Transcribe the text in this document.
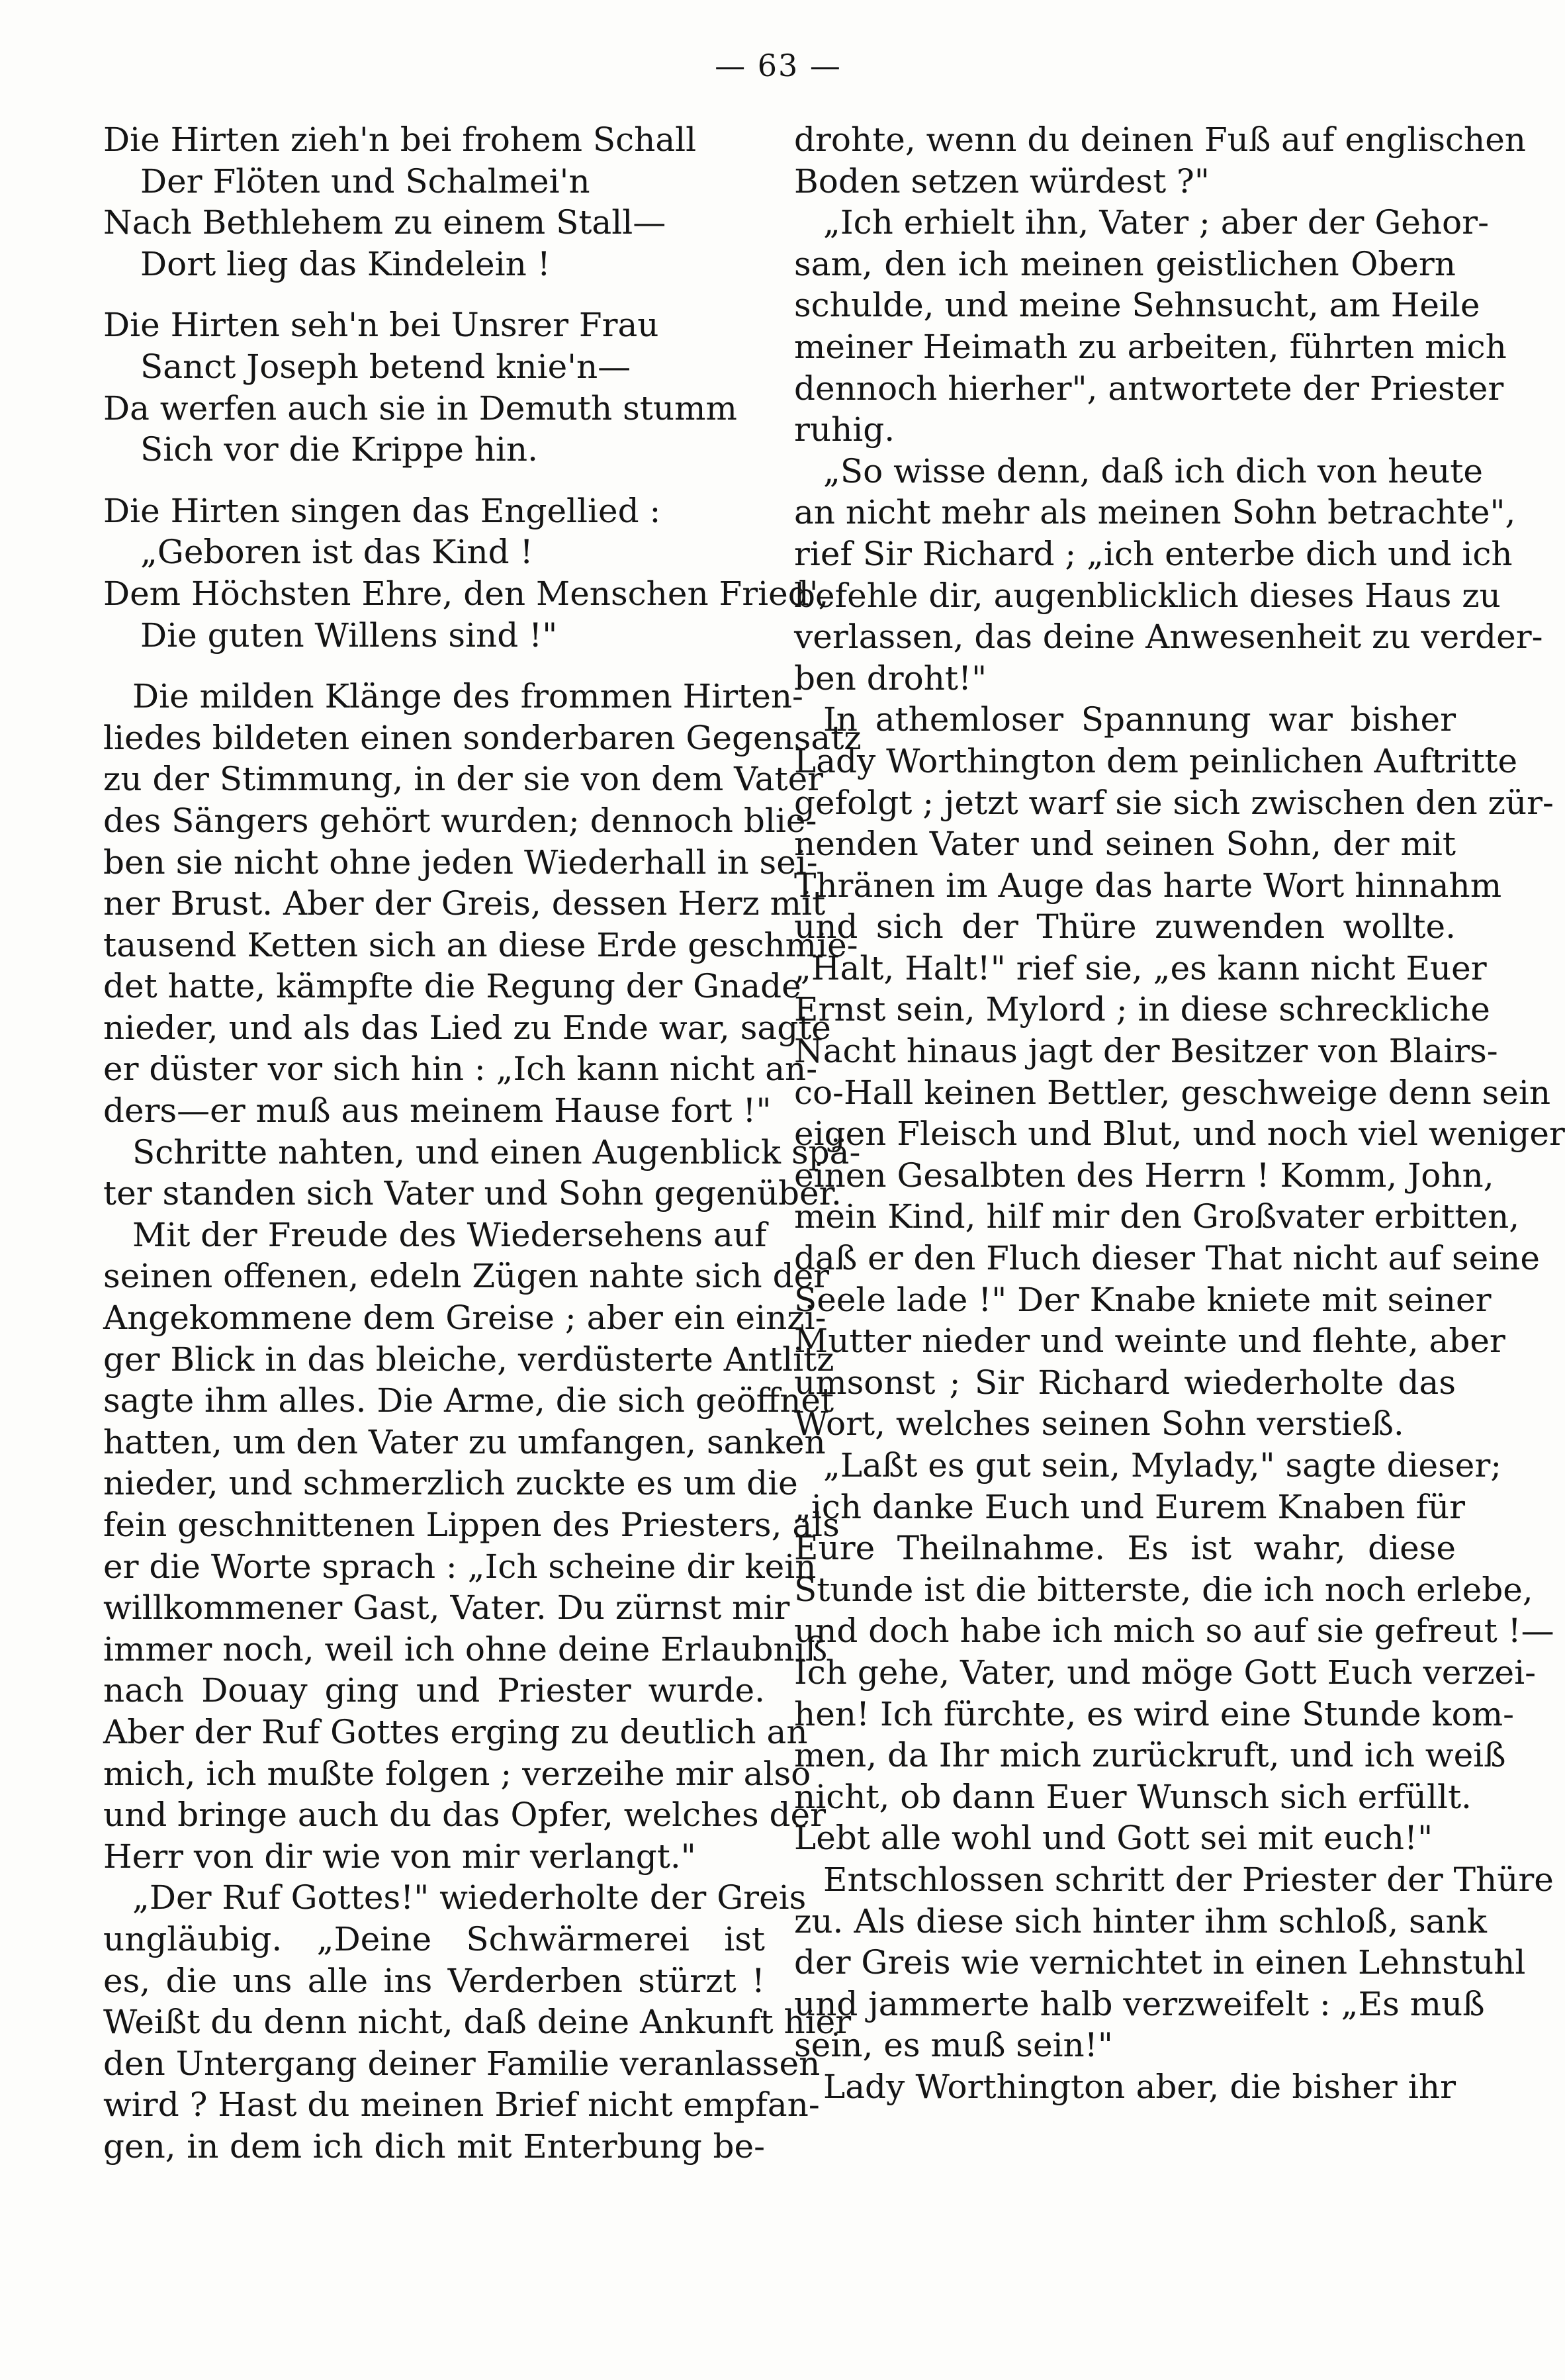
— 63 —
Die Hirten zieh'n bei frohem Schall
Der Flöten und Schalmei'n
Nach Bethlehem zu einem Stall—
Dort lieg das Kindelein !
Die Hirten seh'n bei Unsrer Frau
Sanct Joseph betend knie'n—
Da werfen auch sie in Demuth stumm
Sich vor die Krippe hin.
Die Hirten singen das Engellied :
„Geboren ist das Kind !
Dem Höchsten Ehre, den Menschen Fried',
Die guten Willens sind !"
Die milden Klänge des frommen Hirten-
liedes bildeten einen sonderbaren Gegensatz
zu der Stimmung, in der sie von dem Vater
des Sängers gehört wurden; dennoch blie-
ben sie nicht ohne jeden Wiederhall in sei-
ner Brust. Aber der Greis, dessen Herz mit
tausend Ketten sich an diese Erde geschmie-
det hatte, kämpfte die Regung der Gnade
nieder, und als das Lied zu Ende war, sagte
er düster vor sich hin : „Ich kann nicht an-
ders—er muß aus meinem Hause fort !"
Schritte nahten, und einen Augenblick spä-
ter standen sich Vater und Sohn gegenüber.
Mit der Freude des Wiedersehens auf
seinen offenen, edeln Zügen nahte sich der
Angekommene dem Greise ; aber ein einzi-
ger Blick in das bleiche, verdüsterte Antlitz
sagte ihm alles. Die Arme, die sich geöffnet
hatten, um den Vater zu umfangen, sanken
nieder, und schmerzlich zuckte es um die
fein geschnittenen Lippen des Priesters, als
er die Worte sprach : „Ich scheine dir kein
willkommener Gast, Vater. Du zürnst mir
immer noch, weil ich ohne deine Erlaubniß
nach Douay ging und Priester wurde.
Aber der Ruf Gottes erging zu deutlich an
mich, ich mußte folgen ; verzeihe mir also
und bringe auch du das Opfer, welches der
Herr von dir wie von mir verlangt."
„Der Ruf Gottes!" wiederholte der Greis
ungläubig. „Deine Schwärmerei ist
es, die uns alle ins Verderben stürzt !
Weißt du denn nicht, daß deine Ankunft hier
den Untergang deiner Familie veranlassen
wird ? Hast du meinen Brief nicht empfan-
gen, in dem ich dich mit Enterbung be-
drohte, wenn du deinen Fuß auf englischen
Boden setzen würdest ?"
„Ich erhielt ihn, Vater ; aber der Gehor-
sam, den ich meinen geistlichen Obern
schulde, und meine Sehnsucht, am Heile
meiner Heimath zu arbeiten, führten mich
dennoch hierher", antwortete der Priester
ruhig.
„So wisse denn, daß ich dich von heute
an nicht mehr als meinen Sohn betrachte",
rief Sir Richard ; „ich enterbe dich und ich
befehle dir, augenblicklich dieses Haus zu
verlassen, das deine Anwesenheit zu verder-
ben droht!"
In athemloser Spannung war bisher
Lady Worthington dem peinlichen Auftritte
gefolgt ; jetzt warf sie sich zwischen den zür-
nenden Vater und seinen Sohn, der mit
Thränen im Auge das harte Wort hinnahm
und sich der Thüre zuwenden wollte.
„Halt, Halt!" rief sie, „es kann nicht Euer
Ernst sein, Mylord ; in diese schreckliche
Nacht hinaus jagt der Besitzer von Blairs-
co-Hall keinen Bettler, geschweige denn sein
eigen Fleisch und Blut, und noch viel weniger
einen Gesalbten des Herrn ! Komm, John,
mein Kind, hilf mir den Großvater erbitten,
daß er den Fluch dieser That nicht auf seine
Seele lade !" Der Knabe kniete mit seiner
Mutter nieder und weinte und flehte, aber
umsonst ; Sir Richard wiederholte das
Wort, welches seinen Sohn verstieß.
„Laßt es gut sein, Mylady," sagte dieser;
„ich danke Euch und Eurem Knaben für
Eure Theilnahme. Es ist wahr, diese
Stunde ist die bitterste, die ich noch erlebe,
und doch habe ich mich so auf sie gefreut !—
Ich gehe, Vater, und möge Gott Euch verzei-
hen! Ich fürchte, es wird eine Stunde kom-
men, da Ihr mich zurückruft, und ich weiß
nicht, ob dann Euer Wunsch sich erfüllt.
Lebt alle wohl und Gott sei mit euch!"
Entschlossen schritt der Priester der Thüre
zu. Als diese sich hinter ihm schloß, sank
der Greis wie vernichtet in einen Lehnstuhl
und jammerte halb verzweifelt : „Es muß
sein, es muß sein!"
Lady Worthington aber, die bisher ihr
